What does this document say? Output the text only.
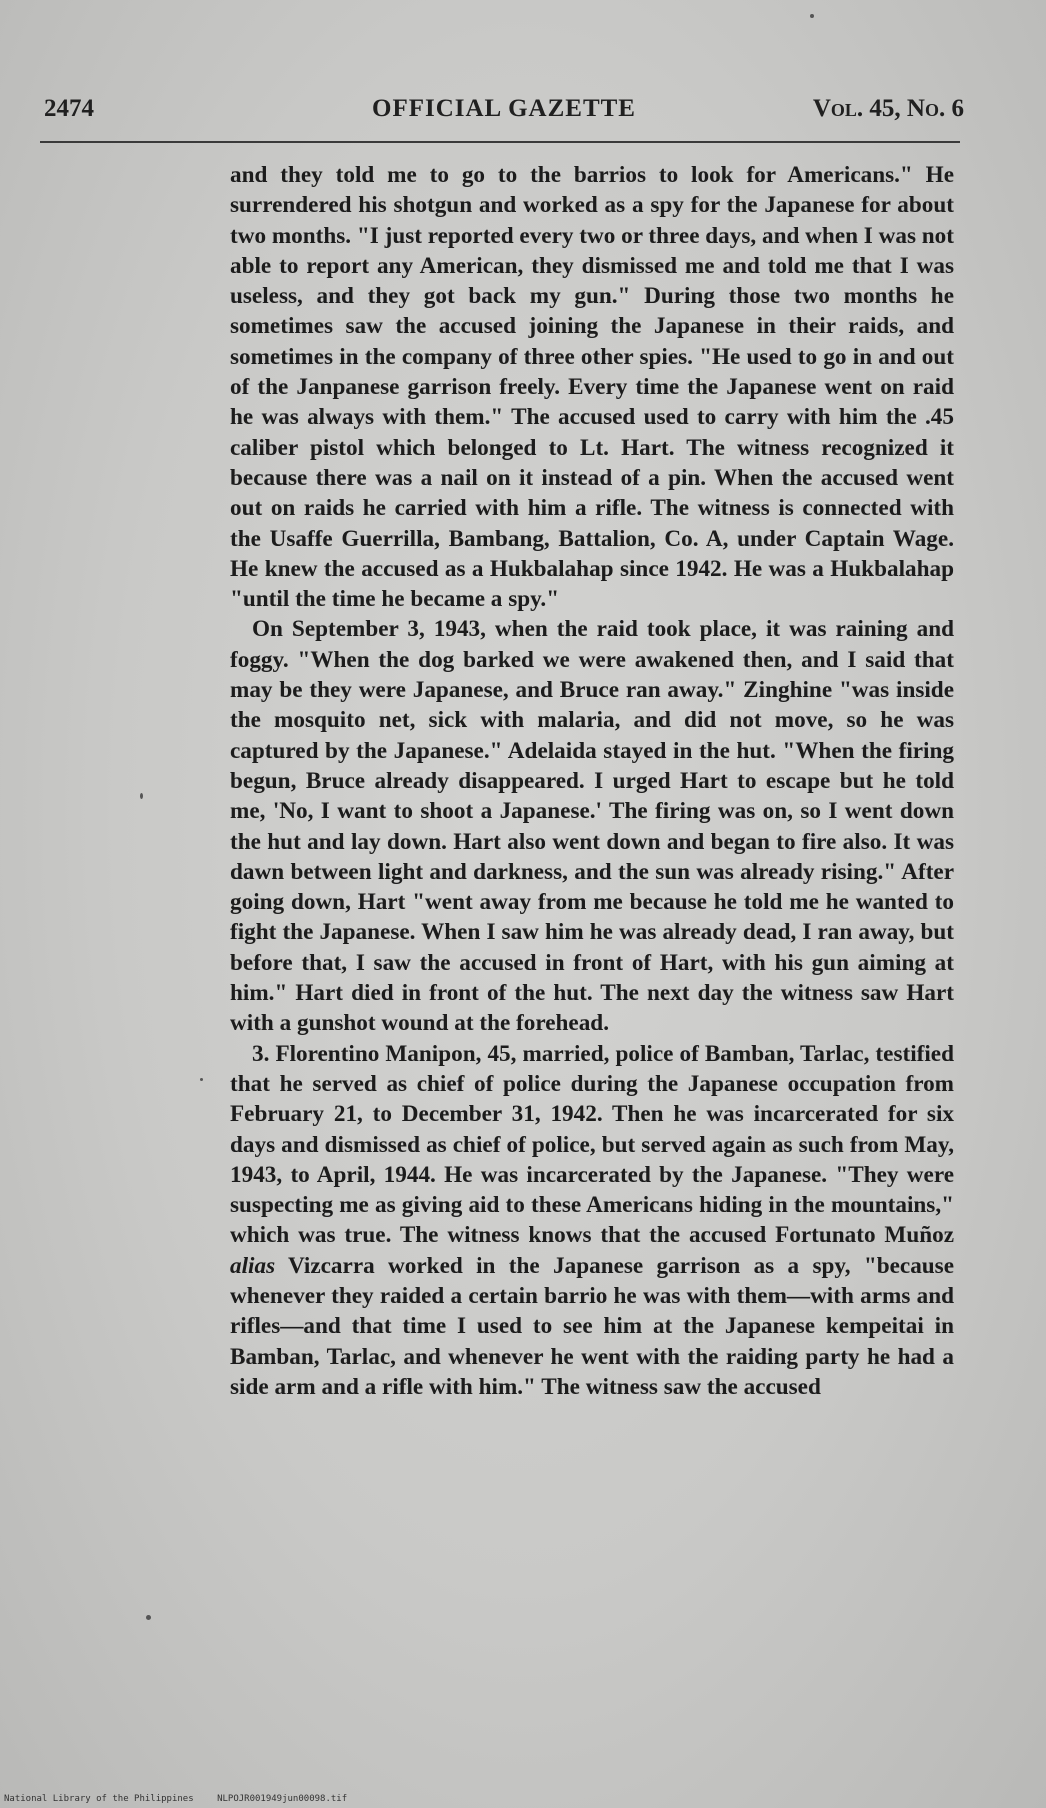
2474	OFFICIAL GAZETTE	Vol. 45, No. 6

and they told me to go to the barrios to look for Americans." He surrendered his shotgun and worked as a spy for the Japanese for about two months. "I just reported every two or three days, and when I was not able to report any American, they dismissed me and told me that I was useless, and they got back my gun." During those two months he sometimes saw the accused joining the Japanese in their raids, and sometimes in the company of three other spies. "He used to go in and out of the Janpanese garrison freely. Every time the Japanese went on raid he was always with them." The accused used to carry with him the .45 caliber pistol which belonged to Lt. Hart. The witness recognized it because there was a nail on it instead of a pin. When the accused went out on raids he carried with him a rifle. The witness is connected with the Usaffe Guerrilla, Bambang, Battalion, Co. A, under Captain Wage. He knew the accused as a Hukbalahap since 1942. He was a Hukbalahap "until the time he became a spy."

On September 3, 1943, when the raid took place, it was raining and foggy. "When the dog barked we were awakened then, and I said that may be they were Japanese, and Bruce ran away." Zinghine "was inside the mosquito net, sick with malaria, and did not move, so he was captured by the Japanese." Adelaida stayed in the hut. "When the firing begun, Bruce already disappeared. I urged Hart to escape but he told me, 'No, I want to shoot a Japanese.' The firing was on, so I went down the hut and lay down. Hart also went down and began to fire also. It was dawn between light and darkness, and the sun was already rising." After going down, Hart "went away from me because he told me he wanted to fight the Japanese. When I saw him he was already dead, I ran away, but before that, I saw the accused in front of Hart, with his gun aiming at him." Hart died in front of the hut. The next day the witness saw Hart with a gunshot wound at the forehead.

3. Florentino Manipon, 45, married, police of Bamban, Tarlac, testified that he served as chief of police during the Japanese occupation from February 21, to December 31, 1942. Then he was incarcerated for six days and dismissed as chief of police, but served again as such from May, 1943, to April, 1944. He was incarcerated by the Japanese. "They were suspecting me as giving aid to these Americans hiding in the mountains," which was true. The witness knows that the accused Fortunato Muñoz alias Vizcarra worked in the Japanese garrison as a spy, "because whenever they raided a certain barrio he was with them—with arms and rifles—and that time I used to see him at the Japanese kempeitai in Bamban, Tarlac, and whenever he went with the raiding party he had a side arm and a rifle with him." The witness saw the accused

National Library of the Philippines	NLPOJR001949jun00098.tif
